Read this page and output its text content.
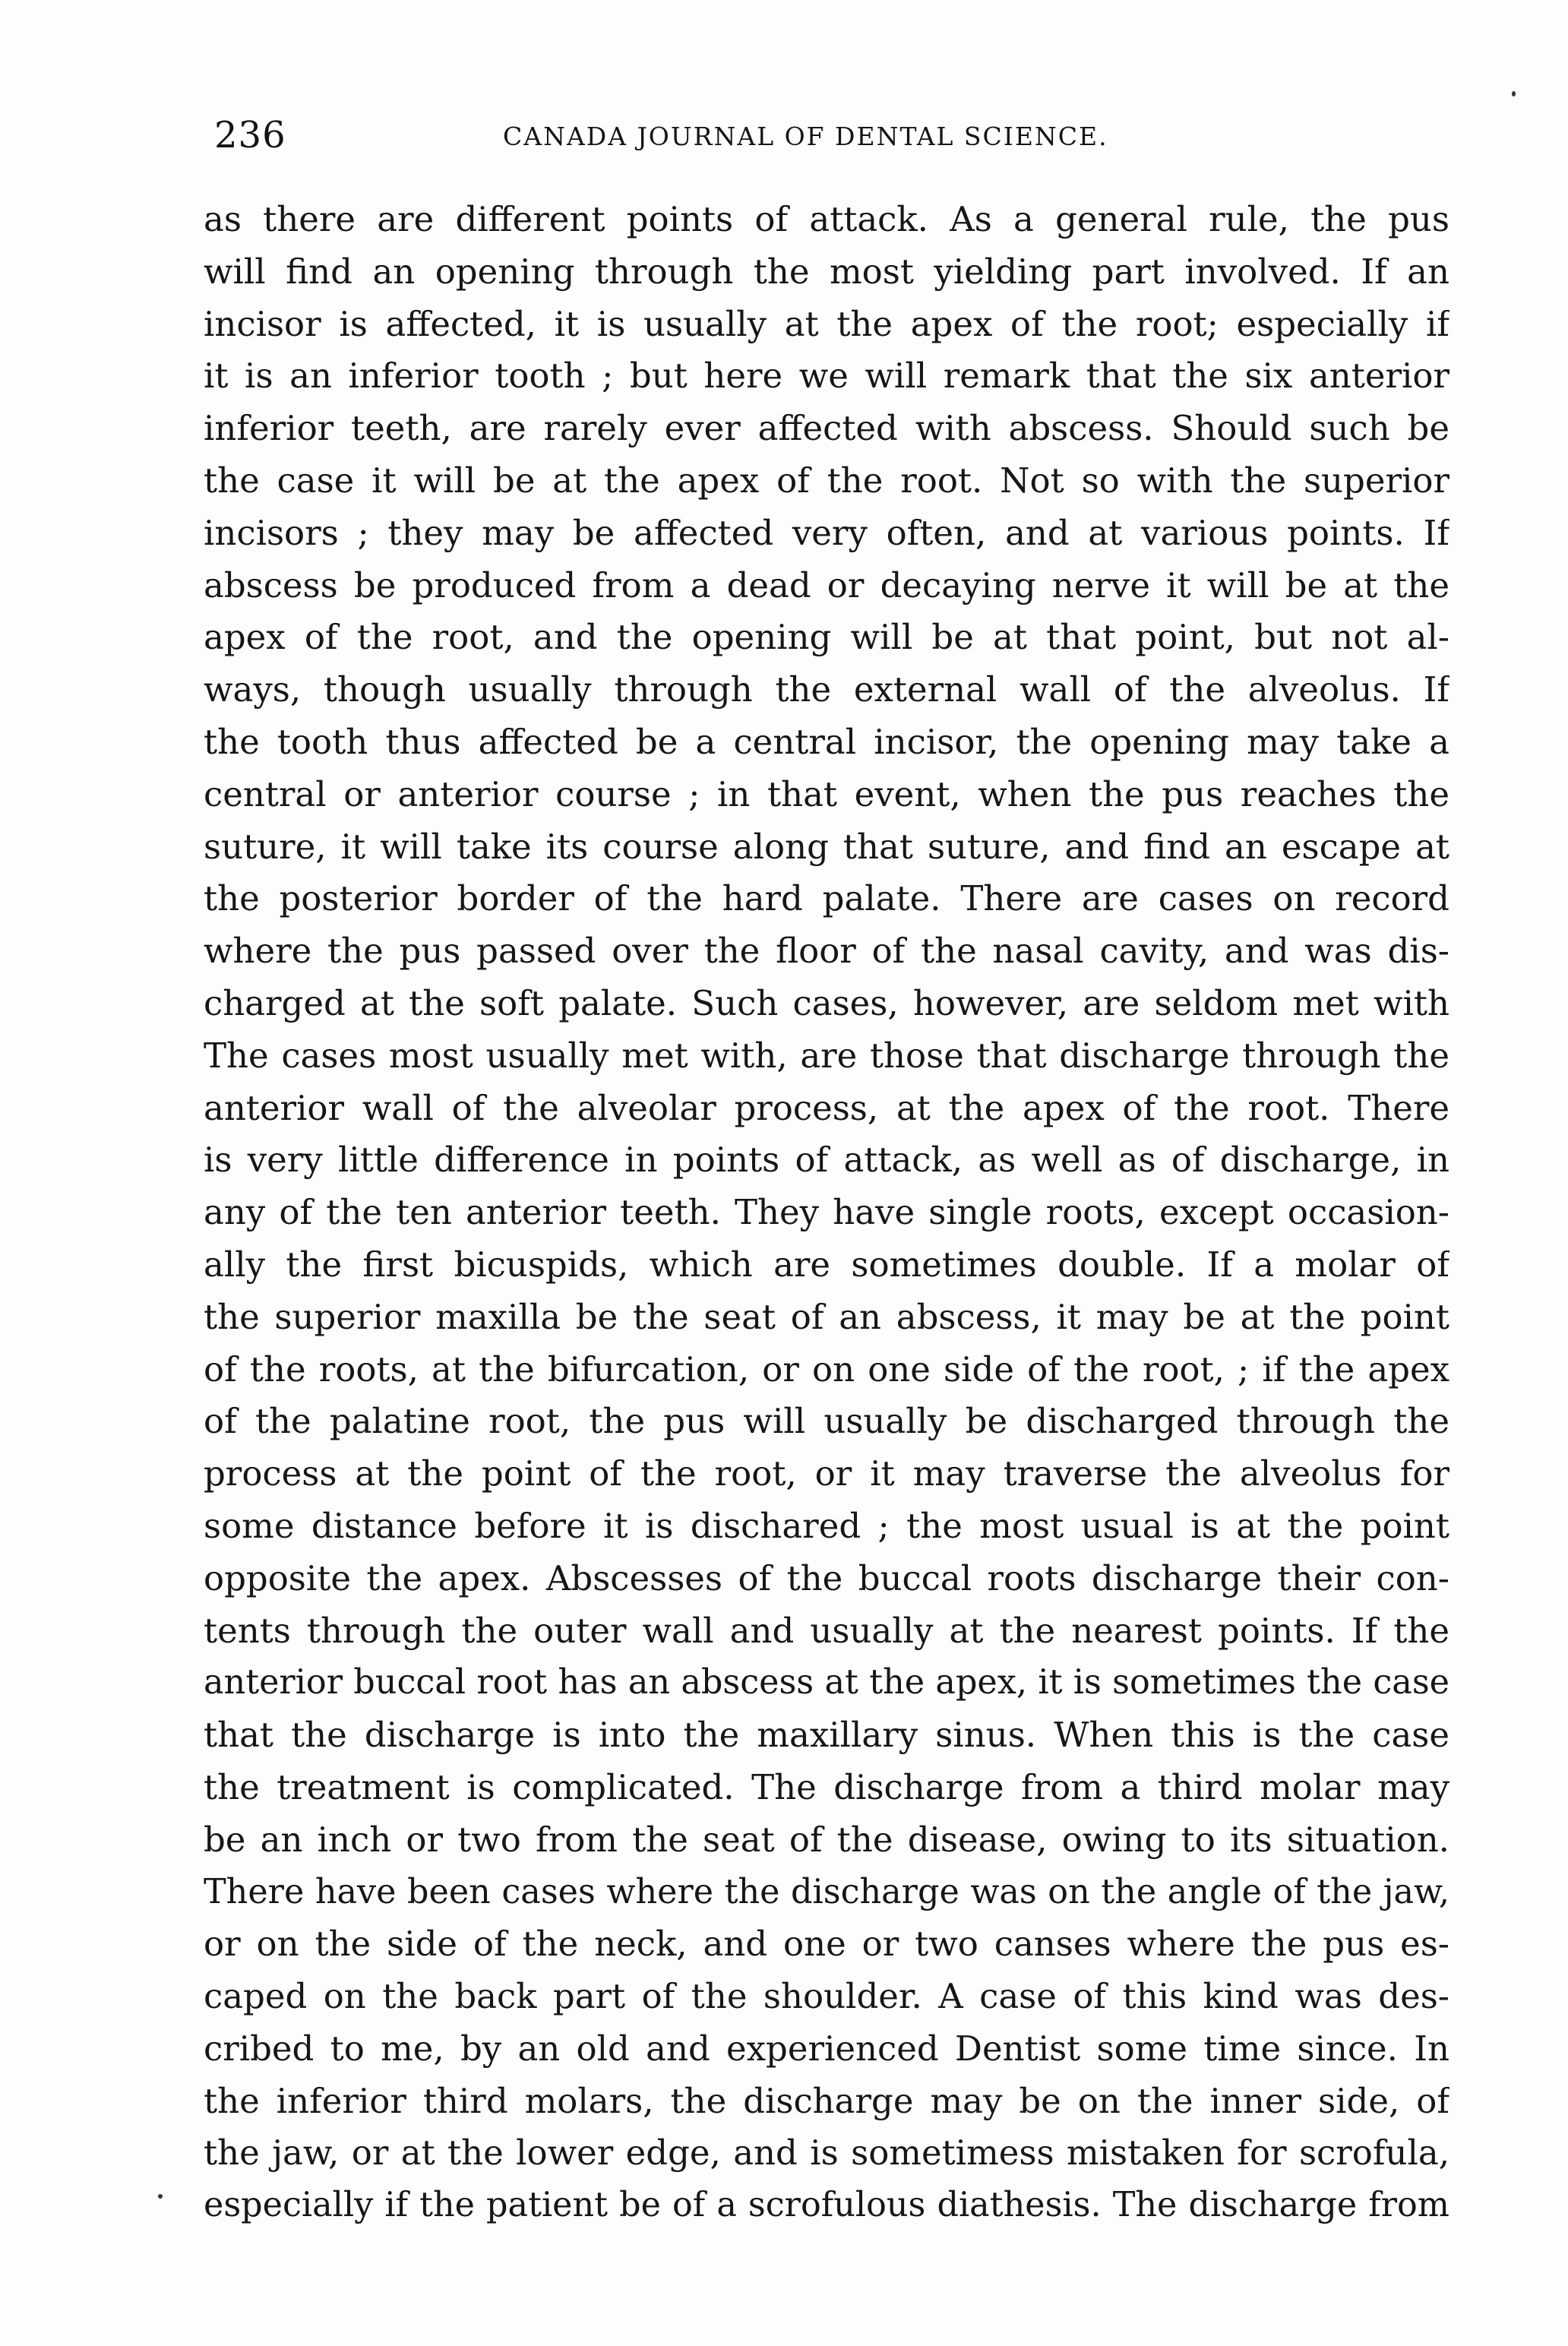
236	CANADA JOURNAL OF DENTAL SCIENCE.
as there are different points of attack. As a general rule, the pus
will find an opening through the most yielding part involved. If an
incisor is affected, it is usually at the apex of the root; especially if
it is an inferior tooth ; but here we will remark that the six anterior
inferior teeth, are rarely ever affected with abscess. Should such be
the case it will be at the apex of the root. Not so with the superior
incisors ; they may be affected very often, and at various points. If
abscess be produced from a dead or decaying nerve it will be at the
apex of the root, and the opening will be at that point, but not al-
ways, though usually through the external wall of the alveolus. If
the tooth thus affected be a central incisor, the opening may take a
central or anterior course ; in that event, when the pus reaches the
suture, it will take its course along that suture, and find an escape at
the posterior border of the hard palate. There are cases on record
where the pus passed over the floor of the nasal cavity, and was dis-
charged at the soft palate. Such cases, however, are seldom met with
The cases most usually met with, are those that discharge through the
anterior wall of the alveolar process, at the apex of the root. There
is very little difference in points of attack, as well as of discharge, in
any of the ten anterior teeth. They have single roots, except occasion-
ally the first bicuspids, which are sometimes double. If a molar of
the superior maxilla be the seat of an abscess, it may be at the point
of the roots, at the bifurcation, or on one side of the root, ; if the apex
of the palatine root, the pus will usually be discharged through the
process at the point of the root, or it may traverse the alveolus for
some distance before it is dischared ; the most usual is at the point
opposite the apex. Abscesses of the buccal roots discharge their con-
tents through the outer wall and usually at the nearest points. If the
anterior buccal root has an abscess at the apex, it is sometimes the case
that the discharge is into the maxillary sinus. When this is the case
the treatment is complicated. The discharge from a third molar may
be an inch or two from the seat of the disease, owing to its situation.
There have been cases where the discharge was on the angle of the jaw,
or on the side of the neck, and one or two canses where the pus es-
caped on the back part of the shoulder. A case of this kind was des-
cribed to me, by an old and experienced Dentist some time since. In
the inferior third molars, the discharge may be on the inner side, of
the jaw, or at the lower edge, and is sometimess mistaken for scrofula,
especially if the patient be of a scrofulous diathesis. The discharge from
